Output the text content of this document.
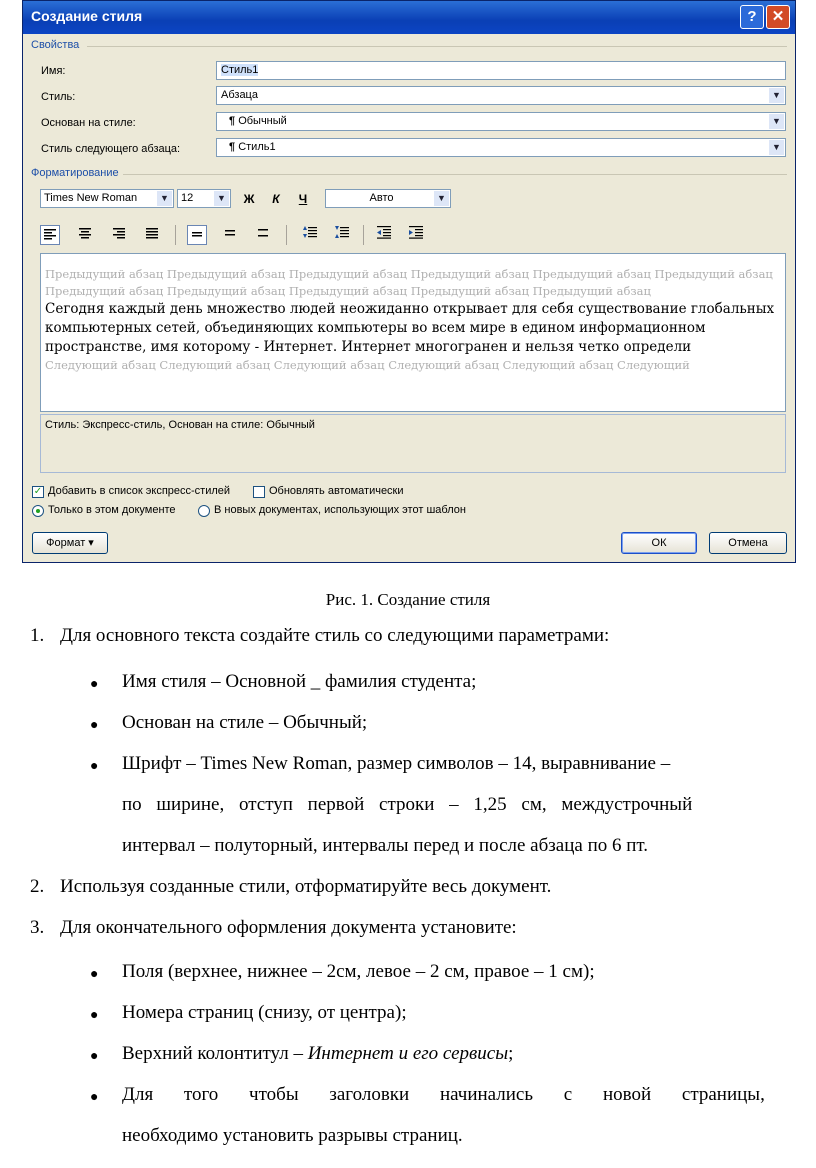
Создание стиля	?	✕
Свойства
Имя:	Стиль1
Стиль:	Абзаца	▼
Основан на стиле:	¶ Обычный	▼
Стиль следующего абзаца:	¶ Стиль1	▼
Форматирование
Times New Roman	▼	12	▼	Ж	К	Ч	Авто	▼
Предыдущий абзац Предыдущий абзац Предыдущий абзац Предыдущий абзац Предыдущий абзац Предыдущий абзац Предыдущий абзац Предыдущий абзац Предыдущий абзац Предыдущий абзац Предыдущий абзац
Сегодня каждый день множество людей неожиданно открывает для себя существование глобальных компьютерных сетей, объединяющих компьютеры во всем мире в едином информационном пространстве, имя которому - Интернет. Интернет многогранен и нельзя четко определи
Следующий абзац Следующий абзац Следующий абзац Следующий абзац Следующий абзац Следующий
Стиль: Экспресс-стиль, Основан на стиле: Обычный
✓ Добавить в список экспресс-стилей	Обновлять автоматически
Только в этом документе	В новых документах, использующих этот шаблон
Формат ▾	ОК	Отмена
Рис. 1. Создание стиля
1. Для основного текста создайте стиль со следующими параметрами:
● Имя стиля – Основной _ фамилия студента;
● Основан на стиле – Обычный;
● Шрифт – Times New Roman, размер символов – 14, выравнивание –
по ширине, отступ первой строки – 1,25 см, междустрочный
интервал – полуторный, интервалы перед и после абзаца по 6 пт.
2. Используя созданные стили, отформатируйте весь документ.
3. Для окончательного оформления документа установите:
● Поля (верхнее, нижнее – 2см, левое – 2 см, правое – 1 см);
● Номера страниц (снизу, от центра);
● Верхний колонтитул – Интернет и его сервисы;
● Для того чтобы заголовки начинались с новой страницы,
необходимо установить разрывы страниц.
